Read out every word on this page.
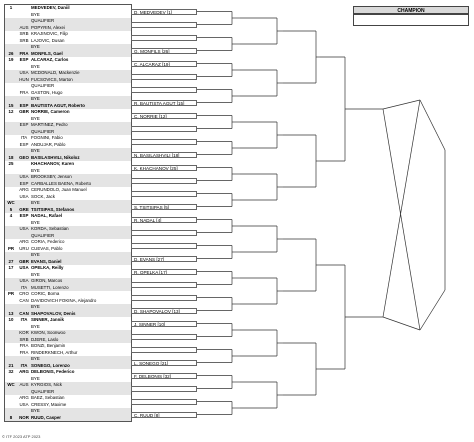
1	MEDVEDEV, Daniil
BYE
QUALIFIER
AUS POPYRIN, Alexei
SRB KRAJINOVIC, Filip
SRB LAJOVIC, Dusan
BYE
26	FRA MONFILS, Gael
19	ESP ALCARAZ, Carlos
BYE
USA MCDONALD, Mackenzie
HUN FUCSOVICS, Marton
QUALIFIER
FRA GASTON, Hugo
BYE
15	ESP BAUTISTA AGUT, Roberto
12	GBR NORRIE, Cameron
BYE
ESP MARTINEZ, Pedro
QUALIFIER
ITA FOGNINI, Fabio
ESP ANDUJAR, Pablo
BYE
18	GEO BASILASHVILI, Nikoloz
25	KHACHANOV, Karen
BYE
USA BROOKSBY, Jenson
ESP CARBALLES BAENA, Roberto
ARG CERUNDOLO, Juan Manuel
USA SOCK, Jack
WC	BYE
5	GRE TSITSIPAS, Stefanos
4	ESP NADAL, Rafael
BYE
USA KORDA, Sebastian
QUALIFIER
ARG CORIA, Federico
PR	URU CUEVAS, Pablo
BYE
27	GBR EVANS, Daniel
17	USA OPELKA, Reilly
BYE
USA GIRON, Marcos
ITA MUSETTI, Lorenzo
PR	CRO CORIC, Borna
CAN DAVIDOVICH FOKINA, Alejandro
BYE
13	CAN SHAPOVALOV, Denis
10	ITA SINNER, Jannik
BYE
KOR KWON, Soonwoo
SRB DJERE, Laslo
FRA BONZI, Benjamin
FRA RINDERKNECH, Arthur
BYE
21	ITA SONEGO, Lorenzo
32	ARG DELBONIS, Federico
BYE
WC	AUS KYRGIOS, Nick
QUALIFIER
ARG BAEZ, Sebastian
USA CRESSY, Maxime
BYE
8	NOR RUUD, Casper
D. MEDVEDEV [1]
G. MONFILS [26]
C. ALCARAZ [19]
R. BAUTISTA AGUT [15]
C. NORRIE [12]
N. BASILASHVILI [18]
K. KHACHANOV [25]
S. TSITSIPAS [5]
R. NADAL [4]
D. EVANS [27]
R. OPELKA [17]
D. SHAPOVALOV [13]
J. SINNER [10]
L. SONEGO [21]
F. DELBONIS [32]
C. RUUD [8]
CHAMPION
© ITF 2023 ATP 2023
